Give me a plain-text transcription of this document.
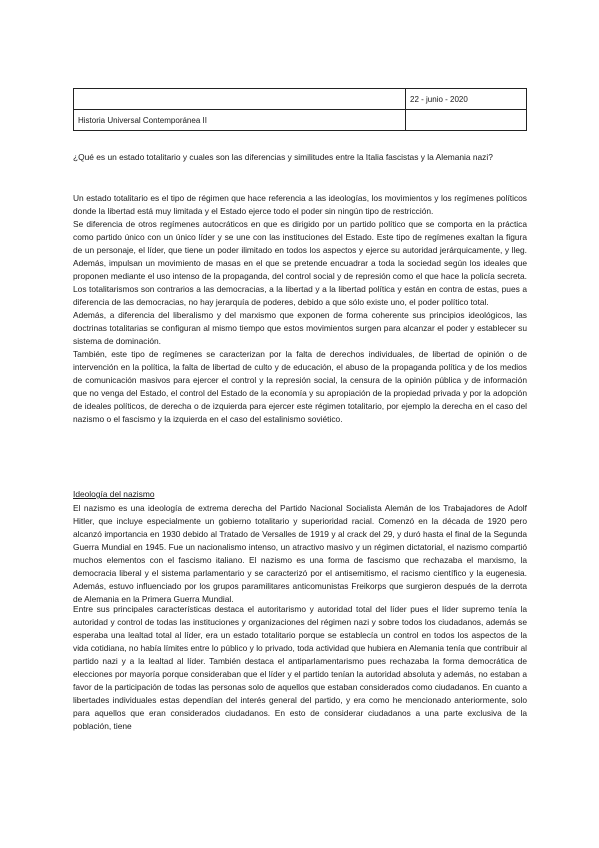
	22 - junio - 2020
Historia Universal Contemporánea II	

¿Qué es un estado totalitario y cuales son las diferencias y similitudes entre la Italia fascistas y la Alemania nazi?

Un estado totalitario es el tipo de régimen que hace referencia a las ideologías, los movimientos y los regímenes políticos donde la libertad está muy limitada y el Estado ejerce todo el poder sin ningún tipo de restricción.

Se diferencia de otros regímenes autocráticos en que es dirigido por un partido político que se comporta en la práctica como partido único con un único líder y se une con las instituciones del Estado. Este tipo de regímenes exaltan la figura de un personaje, el líder, que tiene un poder ilimitado en todos los aspectos y ejerce su autoridad jerárquicamente, y lleg. Además, impulsan un movimiento de masas en el que se pretende encuadrar a toda la sociedad según los ideales que proponen mediante el uso intenso de la propaganda, del control social y de represión como el que hace la policía secreta. Los totalitarismos son contrarios a las democracias, a la libertad y a la libertad política y están en contra de estas, pues a diferencia de las democracias, no hay jerarquía de poderes, debido a que sólo existe uno, el poder político total.

Además, a diferencia del liberalismo y del marxismo que exponen de forma coherente sus principios ideológicos, las doctrinas totalitarias se configuran al mismo tiempo que estos movimientos surgen para alcanzar el poder y establecer su sistema de dominación.

También, este tipo de regímenes se caracterizan por la falta de derechos individuales, de libertad de opinión o de intervención en la política, la falta de libertad de culto y de educación, el abuso de la propaganda política y de los medios de comunicación masivos para ejercer el control y la represión social, la censura de la opinión pública y de información que no venga del Estado, el control del Estado de la economía y su apropiación de la propiedad privada y por la adopción de ideales políticos, de derecha o de izquierda para ejercer este régimen totalitario, por ejemplo la derecha en el caso del nazismo o el fascismo y la izquierda en el caso del estalinismo soviético.

Ideología del nazismo

El nazismo es una ideología de extrema derecha del Partido Nacional Socialista Alemán de los Trabajadores de Adolf Hitler, que incluye especialmente un gobierno totalitario y superioridad racial. Comenzó en la década de 1920 pero alcanzó importancia en 1930 debido al Tratado de Versalles de 1919 y al crack del 29, y duró hasta el final de la Segunda Guerra Mundial en 1945. Fue un nacionalismo intenso, un atractivo masivo y un régimen dictatorial, el nazismo compartió muchos elementos con el fascismo italiano. El nazismo es una forma de fascismo que rechazaba el marxismo, la democracia liberal y el sistema parlamentario y se caracterizó por el antisemitismo, el racismo científico y la eugenesia. Además, estuvo influenciado por los grupos paramilitares anticomunistas Freikorps que surgieron después de la derrota de Alemania en la Primera Guerra Mundial.

Entre sus principales características destaca el autoritarismo y autoridad total del líder pues el líder supremo tenía la autoridad y control de todas las instituciones y organizaciones del régimen nazi y sobre todos los ciudadanos, además se esperaba una lealtad total al líder, era un estado totalitario porque se establecía un control en todos los aspectos de la vida cotidiana, no había límites entre lo público y lo privado, toda actividad que hubiera en Alemania tenía que contribuir al partido nazi y a la lealtad al líder. También destaca el antiparlamentarismo pues rechazaba la forma democrática de elecciones por mayoría porque consideraban que el líder y el partido tenían la autoridad absoluta y además, no estaban a favor de la participación de todas las personas solo de aquellos que estaban considerados como ciudadanos. En cuanto a libertades individuales estas dependían del interés general del partido, y era como he mencionado anteriormente, solo para aquellos que eran considerados ciudadanos. En esto de considerar ciudadanos a una parte exclusiva de la población, tiene
